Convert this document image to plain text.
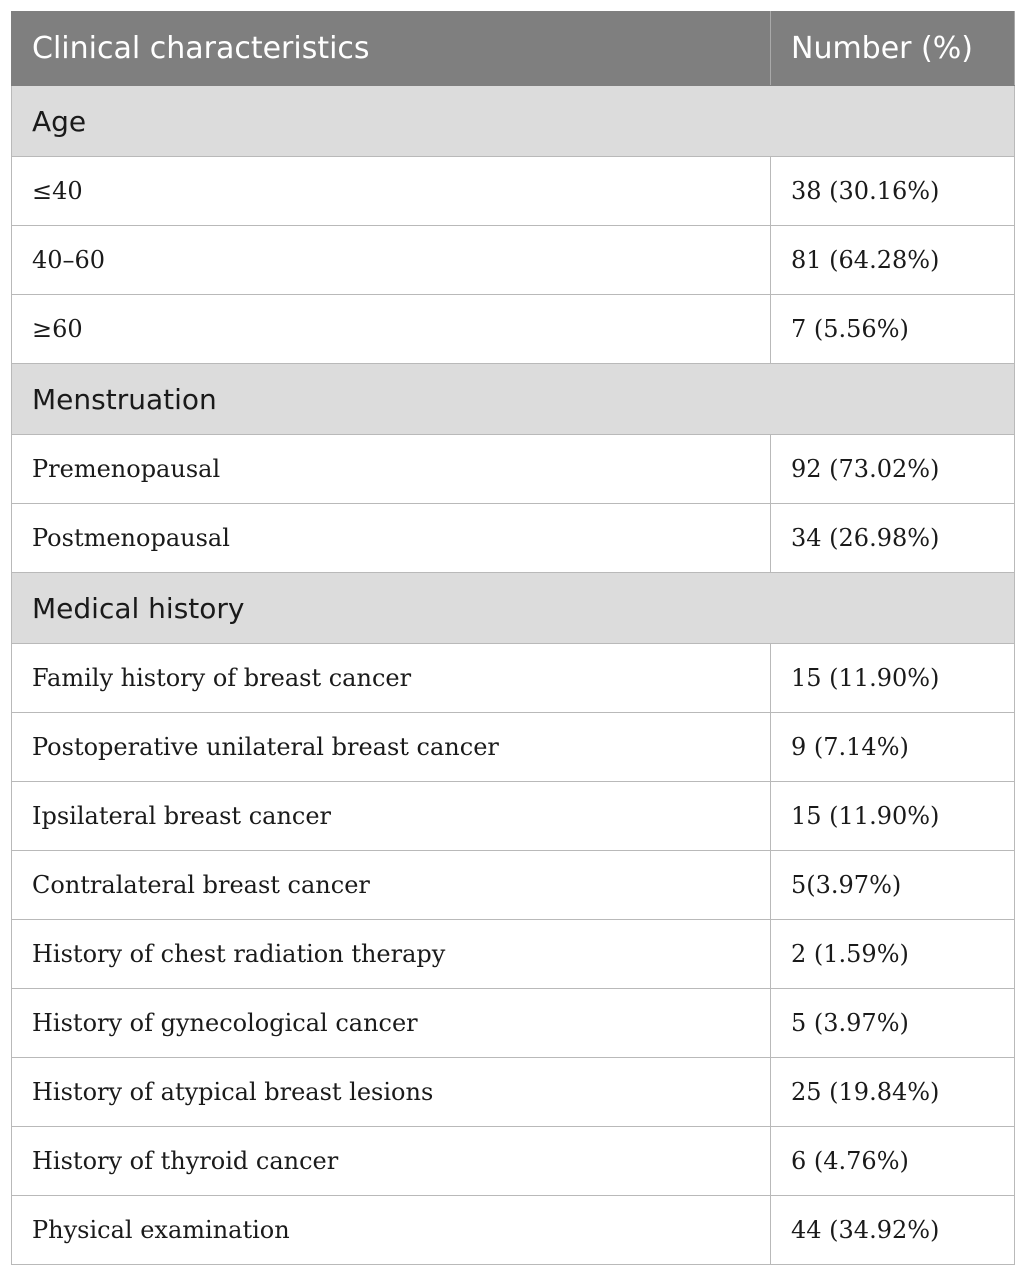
Clinical characteristics	Number (%)
Age	
≤40	38 (30.16%)
40–60	81 (64.28%)
≥60	7 (5.56%)
Menstruation	
Premenopausal	92 (73.02%)
Postmenopausal	34 (26.98%)
Medical history	
Family history of breast cancer	15 (11.90%)
Postoperative unilateral breast cancer	9 (7.14%)
Ipsilateral breast cancer	15 (11.90%)
Contralateral breast cancer	5(3.97%)
History of chest radiation therapy	2 (1.59%)
History of gynecological cancer	5 (3.97%)
History of atypical breast lesions	25 (19.84%)
History of thyroid cancer	6 (4.76%)
Physical examination	44 (34.92%)
